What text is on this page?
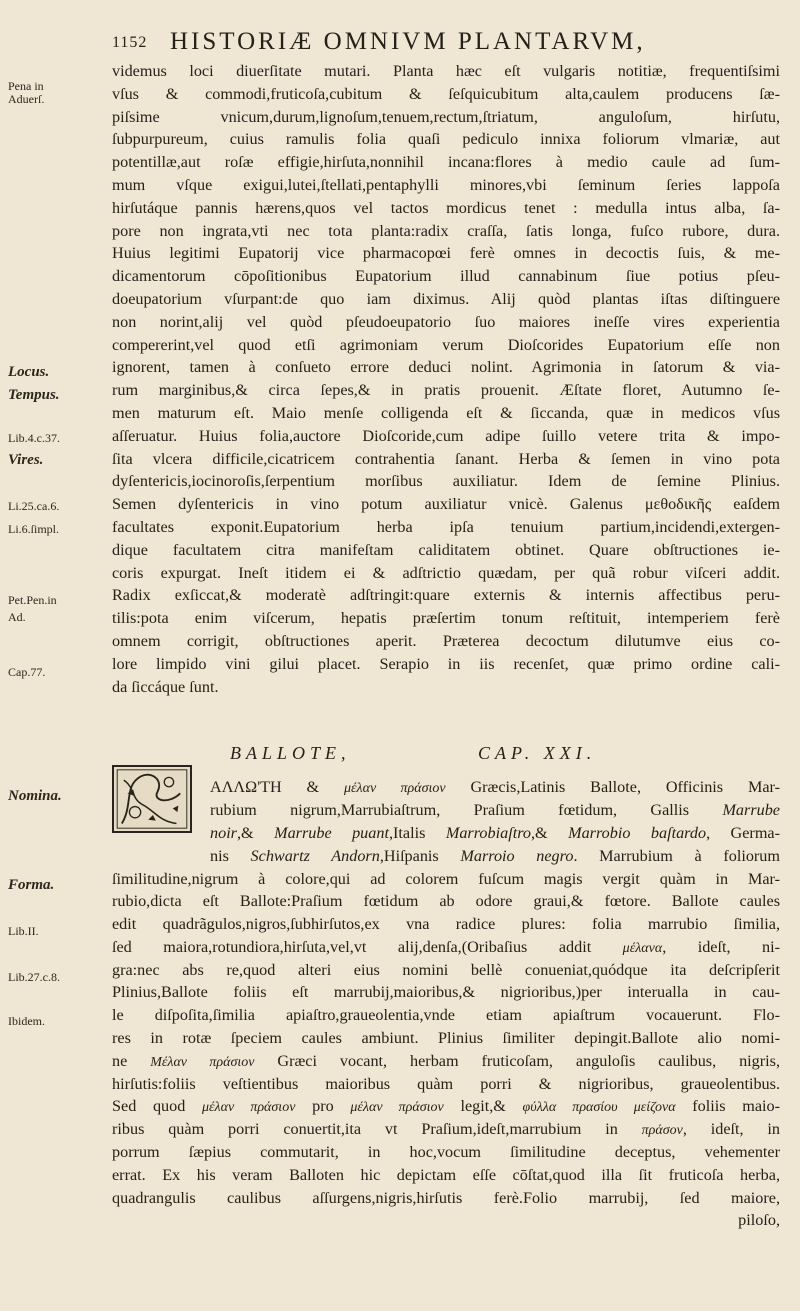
1152 HISTORIÆ OMNIVM PLANTARVM,
Pena in
Aduerſ.
Locus.
Tempus.
Lib.4.c.37.
Vires.
Li.25.ca.6.
Li.6.ſimpl.
Pet.Pen.in
Ad.
Cap.77.
Nomina.
Forma.
Lib.II.
Lib.27.c.8.
Ibidem.
videmus loci diuerſitate mutari. Planta hæc eſt vulgaris notitiæ, frequentiſsimi
vſus & commodi,fruticoſa,cubitum & ſeſquicubitum alta,caulem producens ſæ-
piſsime vnicum,durum,lignoſum,tenuem,rectum,ſtriatum, anguloſum, hirſutu,
ſubpurpureum, cuius ramulis folia quaſi pediculo innixa foliorum vlmariæ, aut
potentillæ,aut roſæ effigie,hirſuta,nonnihil incana:flores à medio caule ad ſum-
mum vſque exigui,lutei,ſtellati,pentaphylli minores,vbi ſeminum ſeries lappoſa
hirſutáque pannis hærens,quos vel tactos mordicus tenet : medulla intus alba, ſa-
pore non ingrata,vti nec tota planta:radix craſſa, ſatis longa, fuſco rubore, dura.
Huius legitimi Eupatorij vice pharmacopœi ferè omnes in decoctis ſuis, & me-
dicamentorum cōpoſitionibus Eupatorium illud cannabinum ſiue potius pſeu-
doeupatorium vſurpant:de quo iam diximus. Alij quòd plantas iſtas diſtinguere
non norint,alij vel quòd pſeudoeupatorio ſuo maiores ineſſe vires experientia
compererint,vel quod etſi agrimoniam verum Dioſcorides Eupatorium eſſe non
ignorent, tamen à conſueto errore deduci nolint. Agrimonia in ſatorum & via-
rum marginibus,& circa ſepes,& in pratis prouenit. Æſtate floret, Autumno ſe-
men maturum eſt. Maio menſe colligenda eſt & ſiccanda, quæ in medicos vſus
aſſeruatur. Huius folia,auctore Dioſcoride,cum adipe ſuillo vetere trita & impo-
ſita vlcera difficile,cicatricem contrahentia ſanant. Herba & ſemen in vino pota
dyſentericis,iocinoroſis,ſerpentium morſibus auxiliatur. Idem de ſemine Plinius.
Semen dyſentericis in vino potum auxiliatur vnicè. Galenus μεθοδικῆς eaſdem
facultates exponit.Eupatorium herba ipſa tenuium partium,incidendi,extergen-
dique facultatem citra manifeſtam caliditatem obtinet. Quare obſtructiones ie-
coris expurgat. Ineſt itidem ei & adſtrictio quædam, per quã robur viſceri addit.
Radix exſiccat,& moderatè adſtringit:quare externis & internis affectibus peru-
tilis:pota enim viſcerum, hepatis præſertim tonum reſtituit, intemperiem ferè
omnem corrigit, obſtructiones aperit. Præterea decoctum dilutumve eius co-
lore limpido vini gilui placet. Serapio in iis recenſet, quæ primo ordine cali-
da ſiccáque ſunt.
BALLOTE,	CAP. XXI.
ΑΛΛΩ'ΤΗ & μέλαν πράσιον Græcis,Latinis Ballote, Officinis Mar-
rubium nigrum,Marrubiaſtrum, Praſium fœtidum, Gallis Marrube
noir,& Marrube puant,Italis Marrobiaſtro,& Marrobio baſtardo, Germa-
nis Schwartz Andorn,Hiſpanis Marroio negro. Marrubium à foliorum
ſimilitudine,nigrum à colore,qui ad colorem fuſcum magis vergit quàm in Mar-
rubio,dicta eſt Ballote:Praſium fœtidum ab odore graui,& fœtore. Ballote caules
edit quadrãgulos,nigros,ſubhirſutos,ex vna radice plures: folia marrubio ſimilia,
ſed maiora,rotundiora,hirſuta,vel,vt alij,denſa,(Oribaſius addit μέλανα, ideſt, ni-
gra:nec abs re,quod alteri eius nomini bellè conueniat,quódque ita deſcripſerit
Plinius,Ballote foliis eſt marrubij,maioribus,& nigrioribus,)per interualla in cau-
le diſpoſita,ſimilia apiaſtro,graueolentia,vnde etiam apiaſtrum vocauerunt. Flo-
res in rotæ ſpeciem caules ambiunt. Plinius ſimiliter depingit.Ballote alio nomi-
ne Μέλαν πράσιον Græci vocant, herbam fruticoſam, anguloſis caulibus, nigris,
hirſutis:foliis veſtientibus maioribus quàm porri & nigrioribus, graueolentibus.
Sed quod μέλαν πράσιον pro μέλαν πράσιον legit,& φύλλα πρασίου μείζονα foliis maio-
ribus quàm porri conuertit,ita vt Praſium,ideſt,marrubium in πράσον, ideſt, in
porrum ſæpius commutarit, in hoc,vocum ſimilitudine deceptus, vehementer
errat. Ex his veram Balloten hic depictam eſſe cōſtat,quod illa ſit fruticoſa herba,
quadrangulis caulibus aſſurgens,nigris,hirſutis ferè.Folio marrubij, ſed maiore,
piloſo,
